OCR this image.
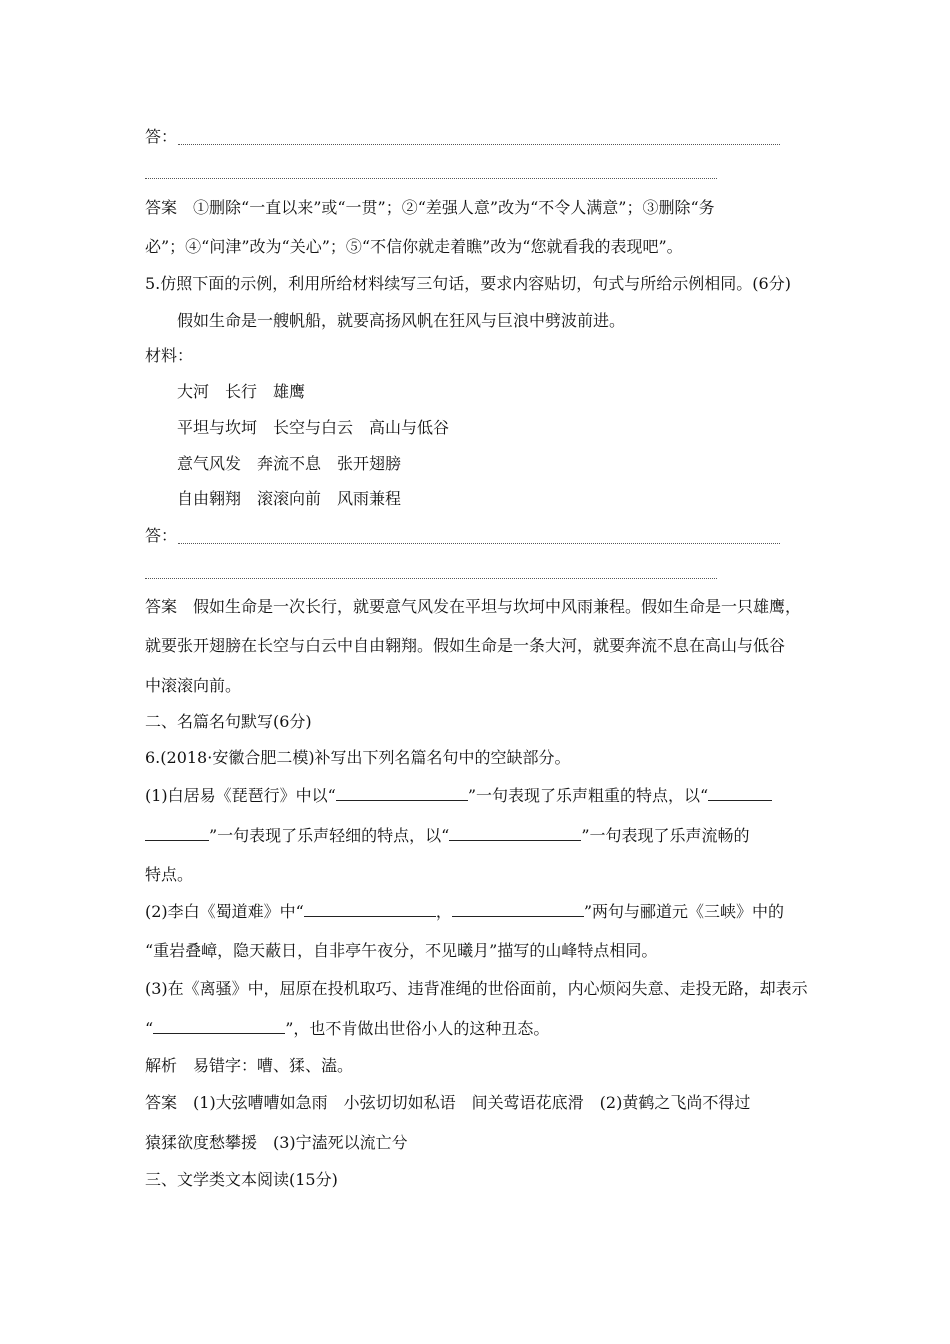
答：
答案 ①删除“一直以来”或“一贯”；②“差强人意”改为“不令人满意”；③删除“务
必”；④“问津”改为“关心”；⑤“不信你就走着瞧”改为“您就看我的表现吧”。
5.仿照下面的示例，利用所给材料续写三句话，要求内容贴切，句式与所给示例相同。(6分)
假如生命是一艘帆船，就要高扬风帆在狂风与巨浪中劈波前进。
材料：
大河 长行 雄鹰
平坦与坎坷 长空与白云 高山与低谷
意气风发 奔流不息 张开翅膀
自由翱翔 滚滚向前 风雨兼程
答：
答案 假如生命是一次长行，就要意气风发在平坦与坎坷中风雨兼程。假如生命是一只雄鹰，
就要张开翅膀在长空与白云中自由翱翔。假如生命是一条大河，就要奔流不息在高山与低谷
中滚滚向前。
二、名篇名句默写(6分)
6.(2018·安徽合肥二模)补写出下列名篇名句中的空缺部分。
(1)白居易《琵琶行》中以“	”一句表现了乐声粗重的特点，以“
”一句表现了乐声轻细的特点，以“	”一句表现了乐声流畅的
特点。
(2)李白《蜀道难》中“	，	”两句与郦道元《三峡》中的
“重岩叠嶂，隐天蔽日，自非亭午夜分，不见曦月”描写的山峰特点相同。
(3)在《离骚》中，屈原在投机取巧、违背准绳的世俗面前，内心烦闷失意、走投无路，却表示
“	”，也不肯做出世俗小人的这种丑态。
解析 易错字：嘈、猱、溘。
答案 (1)大弦嘈嘈如急雨　小弦切切如私语　间关莺语花底滑　(2)黄鹤之飞尚不得过
猿猱欲度愁攀援　(3)宁溘死以流亡兮
三、文学类文本阅读(15分)
